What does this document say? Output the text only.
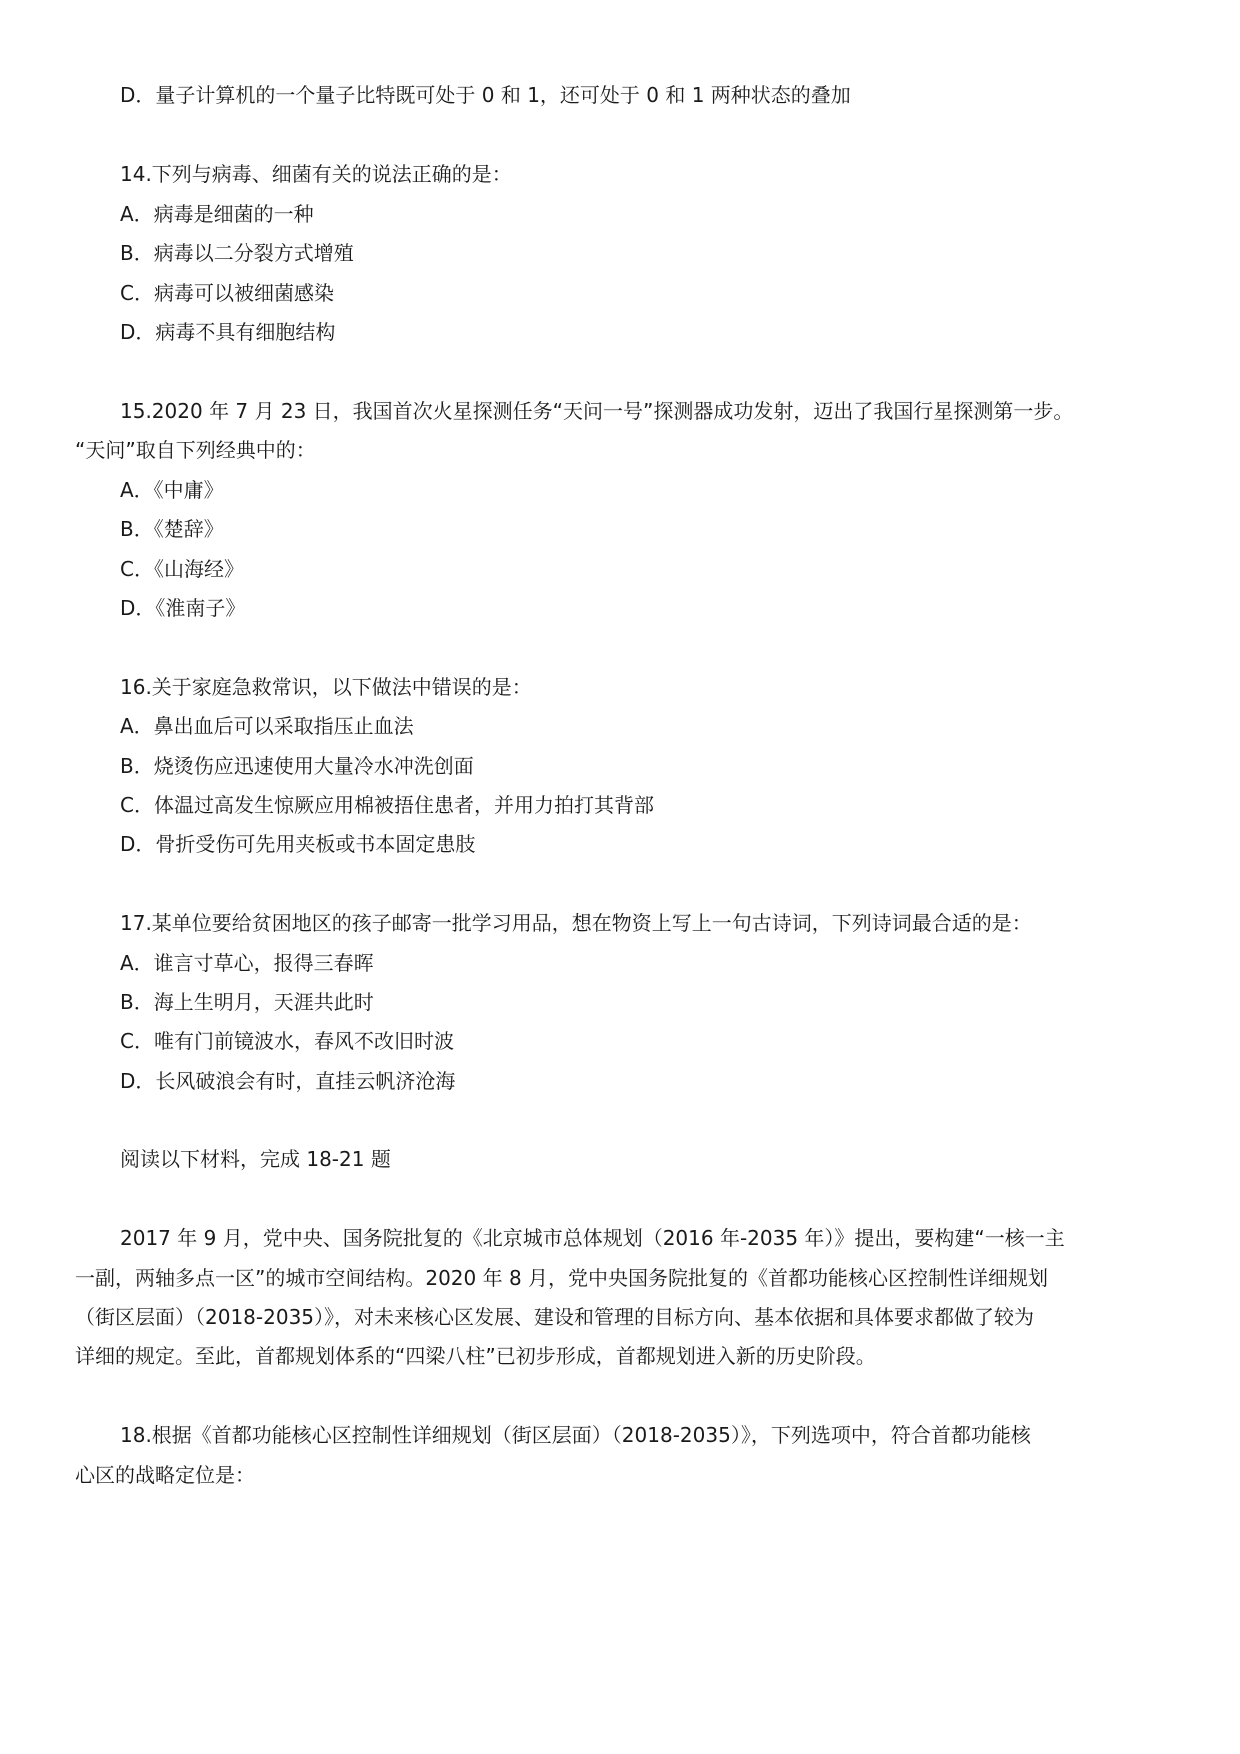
D．量子计算机的一个量子比特既可处于 0 和 1，还可处于 0 和 1 两种状态的叠加
14.下列与病毒、细菌有关的说法正确的是：
A．病毒是细菌的一种
B．病毒以二分裂方式增殖
C．病毒可以被细菌感染
D．病毒不具有细胞结构
15.2020 年 7 月 23 日，我国首次火星探测任务“天问一号”探测器成功发射，迈出了我国行星探测第一步。
“天问”取自下列经典中的：
A．《中庸》
B．《楚辞》
C．《山海经》
D．《淮南子》
16.关于家庭急救常识，以下做法中错误的是：
A．鼻出血后可以采取指压止血法
B．烧烫伤应迅速使用大量冷水冲洗创面
C．体温过高发生惊厥应用棉被捂住患者，并用力拍打其背部
D．骨折受伤可先用夹板或书本固定患肢
17.某单位要给贫困地区的孩子邮寄一批学习用品，想在物资上写上一句古诗词，下列诗词最合适的是：
A．谁言寸草心，报得三春晖
B．海上生明月，天涯共此时
C．唯有门前镜波水，春风不改旧时波
D．长风破浪会有时，直挂云帆济沧海
阅读以下材料，完成 18-21 题
2017 年 9 月，党中央、国务院批复的《北京城市总体规划（2016 年-2035 年）》提出，要构建“一核一主
一副，两轴多点一区”的城市空间结构。2020 年 8 月，党中央国务院批复的《首都功能核心区控制性详细规划
（街区层面）（2018-2035）》，对未来核心区发展、建设和管理的目标方向、基本依据和具体要求都做了较为
详细的规定。至此，首都规划体系的“四梁八柱”已初步形成，首都规划进入新的历史阶段。
18.根据《首都功能核心区控制性详细规划（街区层面）（2018-2035）》，下列选项中，符合首都功能核
心区的战略定位是：
